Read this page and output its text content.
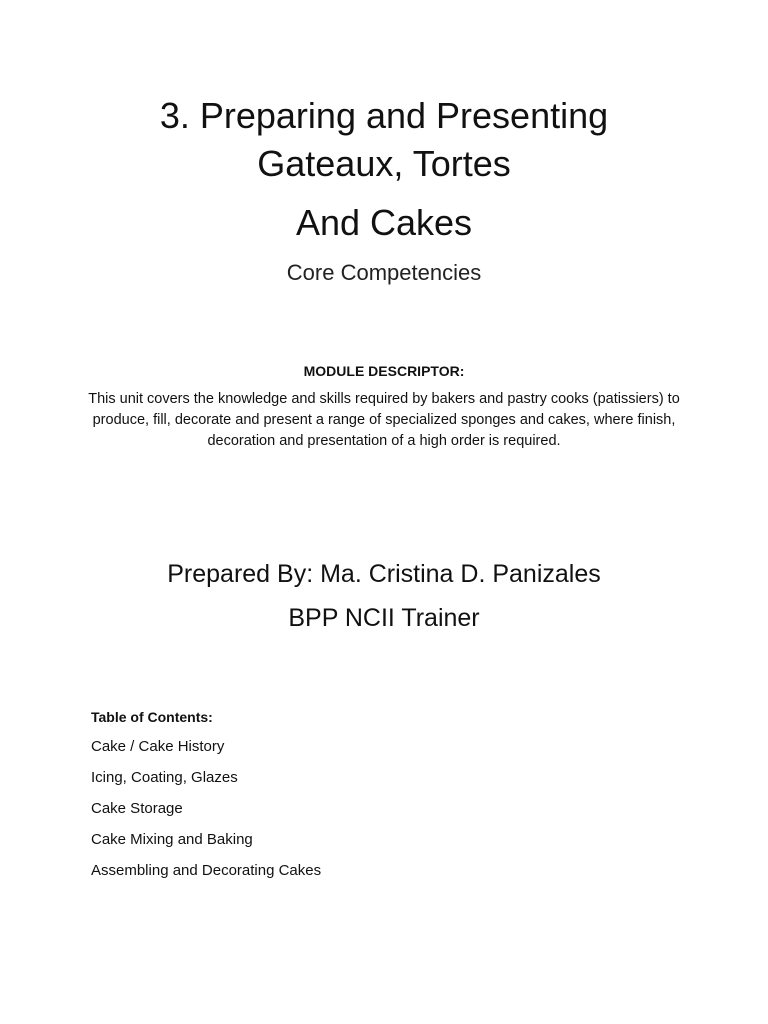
3. Preparing and Presenting
Gateaux, Tortes
And Cakes
Core Competencies
MODULE DESCRIPTOR:
This unit covers the knowledge and skills required by bakers and pastry cooks (patissiers) to produce, fill, decorate and present a range of specialized sponges and cakes, where finish, decoration and presentation of a high order is required.
Prepared By: Ma. Cristina D. Panizales
BPP NCII Trainer
Table of Contents:
Cake / Cake History
Icing, Coating, Glazes
Cake Storage
Cake Mixing and Baking
Assembling and Decorating Cakes
